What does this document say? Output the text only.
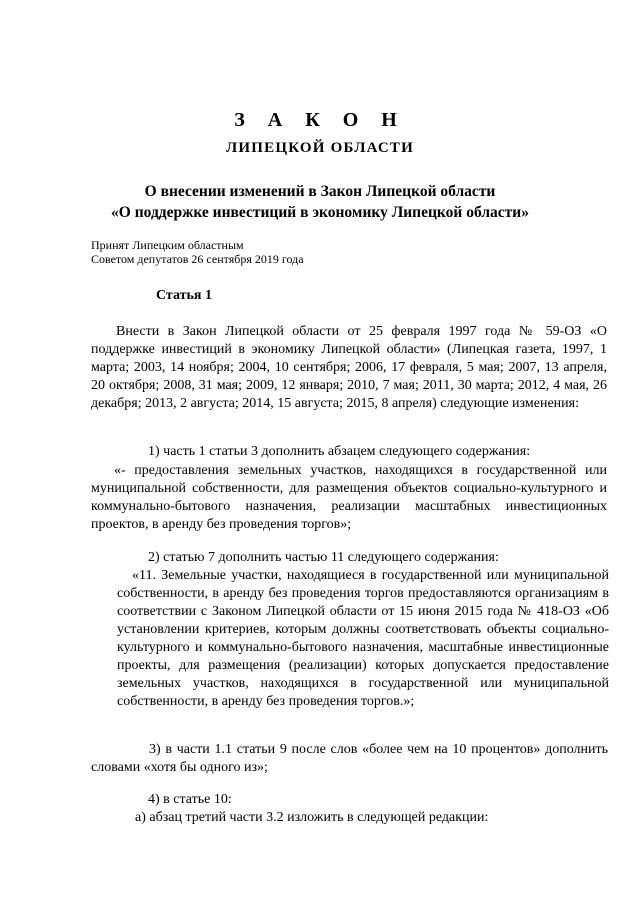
З А К О Н
ЛИПЕЦКОЙ ОБЛАСТИ
О внесении изменений в Закон Липецкой области
«О поддержке инвестиций в экономику Липецкой области»
Принят Липецким областным
Советом депутатов 26 сентября 2019 года
Статья 1

Внести в Закон Липецкой области от 25 февраля 1997 года № 59-ОЗ «О поддержке инвестиций в экономику Липецкой области» (Липецкая газета, 1997, 1 марта; 2003, 14 ноября; 2004, 10 сентября; 2006, 17 февраля, 5 мая; 2007, 13 апреля, 20 октября; 2008, 31 мая; 2009, 12 января; 2010, 7 мая; 2011, 30 марта; 2012, 4 мая, 26 декабря; 2013, 2 августа; 2014, 15 августа; 2015, 8 апреля) следующие изменения:

1) часть 1 статьи 3 дополнить абзацем следующего содержания:

«- предоставления земельных участков, находящихся в государственной или муниципальной собственности, для размещения объектов социально-культурного и коммунально-бытового назначения, реализации масштабных инвестиционных проектов, в аренду без проведения торгов»;

2) статью 7 дополнить частью 11 следующего содержания:

«11. Земельные участки, находящиеся в государственной или муниципальной собственности, в аренду без проведения торгов предоставляются организациям в соответствии с Законом Липецкой области от 15 июня 2015 года № 418-ОЗ «Об установлении критериев, которым должны соответствовать объекты социально-культурного и коммунально-бытового назначения, масштабные инвестиционные проекты, для размещения (реализации) которых допускается предоставление земельных участков, находящихся в государственной или муниципальной собственности, в аренду без проведения торгов.»;

3) в части 1.1 статьи 9 после слов «более чем на 10 процентов» дополнить словами «хотя бы одного из»;

4) в статье 10:

а) абзац третий части 3.2 изложить в следующей редакции:
